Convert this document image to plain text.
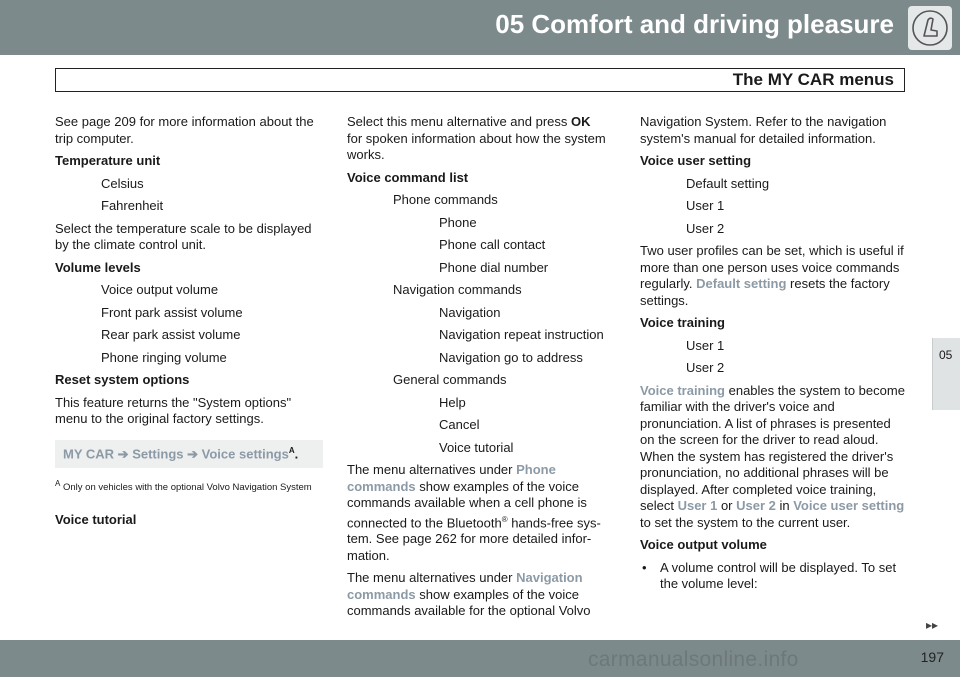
05 Comfort and driving pleasure
The MY CAR menus

See page 209 for more information about the trip computer.

Temperature unit

Celsius

Fahrenheit

Select the temperature scale to be displayed by the climate control unit.

Volume levels

Voice output volume

Front park assist volume

Rear park assist volume

Phone ringing volume

Reset system options

This feature returns the "System options" menu to the original factory settings.

MY CAR ➔ Settings ➔ Voice settings$^A$.
$^A$ Only on vehicles with the optional Volvo Navigation System

Voice tutorial

Select this menu alternative and press OK for spoken information about how the system works.

Voice command list

Phone commands

Phone

Phone call contact

Phone dial number

Navigation commands

Navigation

Navigation repeat instruction

Navigation go to address

General commands

Help

Cancel

Voice tutorial

The menu alternatives under Phone commands show examples of the voice commands available when a cell phone is connected to the Bluetooth® hands-free sys-tem. See page 262 for more detailed infor-mation.

The menu alternatives under Navigation commands show examples of the voice commands available for the optional Volvo

Navigation System. Refer to the navigation system's manual for detailed information.

Voice user setting

Default setting

User 1

User 2

Two user profiles can be set, which is useful if more than one person uses voice commands regularly. Default setting resets the factory settings.

Voice training

User 1

User 2

Voice training enables the system to become familiar with the driver's voice and pronunciation. A list of phrases is presented on the screen for the driver to read aloud. When the system has registered the driver's pronunciation, no additional phrases will be displayed. After completed voice training, select User 1 or User 2 in Voice user setting to set the system to the current user.

Voice output volume

• A volume control will be displayed. To set the volume level:

05
▸▸
carmanualsonline.info	197
